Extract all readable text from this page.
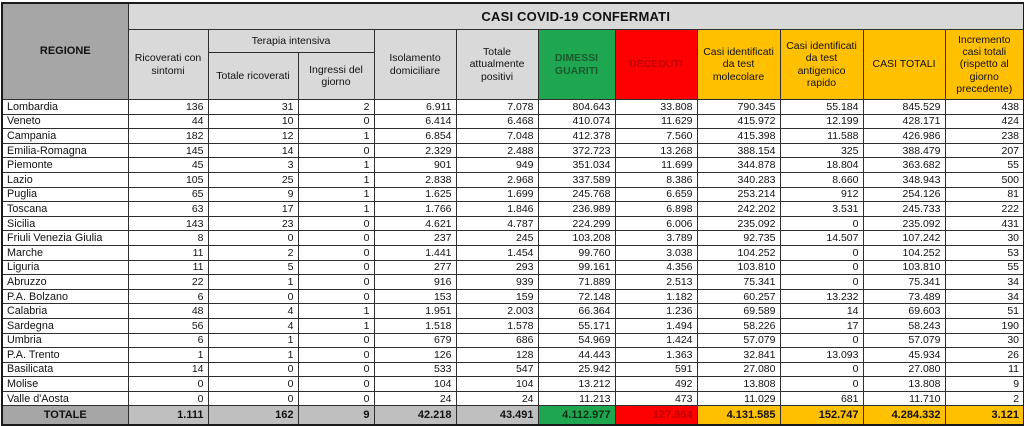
REGIONE	CASI COVID-19 CONFERMATI										
	Ricoverati con sintomi	Terapia intensiva		Isolamento domiciliare	Totale attualmente positivi	DIMESSI GUARITI	DECEDUTI	Casi identificati da test molecolare	Casi identificati da test antigenico rapido	CASI TOTALI	Incremento casi totali (rispetto al giorno precedente)
		Totale ricoverati	Ingressi del giorno								
Lombardia	136	31	2	6.911	7.078	804.643	33.808	790.345	55.184	845.529	438
Veneto	44	10	0	6.414	6.468	410.074	11.629	415.972	12.199	428.171	424
Campania	182	12	1	6.854	7.048	412.378	7.560	415.398	11.588	426.986	238
Emilia-Romagna	145	14	0	2.329	2.488	372.723	13.268	388.154	325	388.479	207
Piemonte	45	3	1	901	949	351.034	11.699	344.878	18.804	363.682	55
Lazio	105	25	1	2.838	2.968	337.589	8.386	340.283	8.660	348.943	500
Puglia	65	9	1	1.625	1.699	245.768	6.659	253.214	912	254.126	81
Toscana	63	17	1	1.766	1.846	236.989	6.898	242.202	3.531	245.733	222
Sicilia	143	23	0	4.621	4.787	224.299	6.006	235.092	0	235.092	431
Friuli Venezia Giulia	8	0	0	237	245	103.208	3.789	92.735	14.507	107.242	30
Marche	11	2	0	1.441	1.454	99.760	3.038	104.252	0	104.252	53
Liguria	11	5	0	277	293	99.161	4.356	103.810	0	103.810	55
Abruzzo	22	1	0	916	939	71.889	2.513	75.341	0	75.341	34
P.A. Bolzano	6	0	0	153	159	72.148	1.182	60.257	13.232	73.489	34
Calabria	48	4	1	1.951	2.003	66.364	1.236	69.589	14	69.603	51
Sardegna	56	4	1	1.518	1.578	55.171	1.494	58.226	17	58.243	190
Umbria	6	1	0	679	686	54.969	1.424	57.079	0	57.079	30
P.A. Trento	1	1	0	126	128	44.443	1.363	32.841	13.093	45.934	26
Basilicata	14	0	0	533	547	25.942	591	27.080	0	27.080	11
Molise	0	0	0	104	104	13.212	492	13.808	0	13.808	9
Valle d'Aosta	0	0	0	24	24	11.213	473	11.029	681	11.710	2
TOTALE	1.111	162	9	42.218	43.491	4.112.977	127.864	4.131.585	152.747	4.284.332	3.121
